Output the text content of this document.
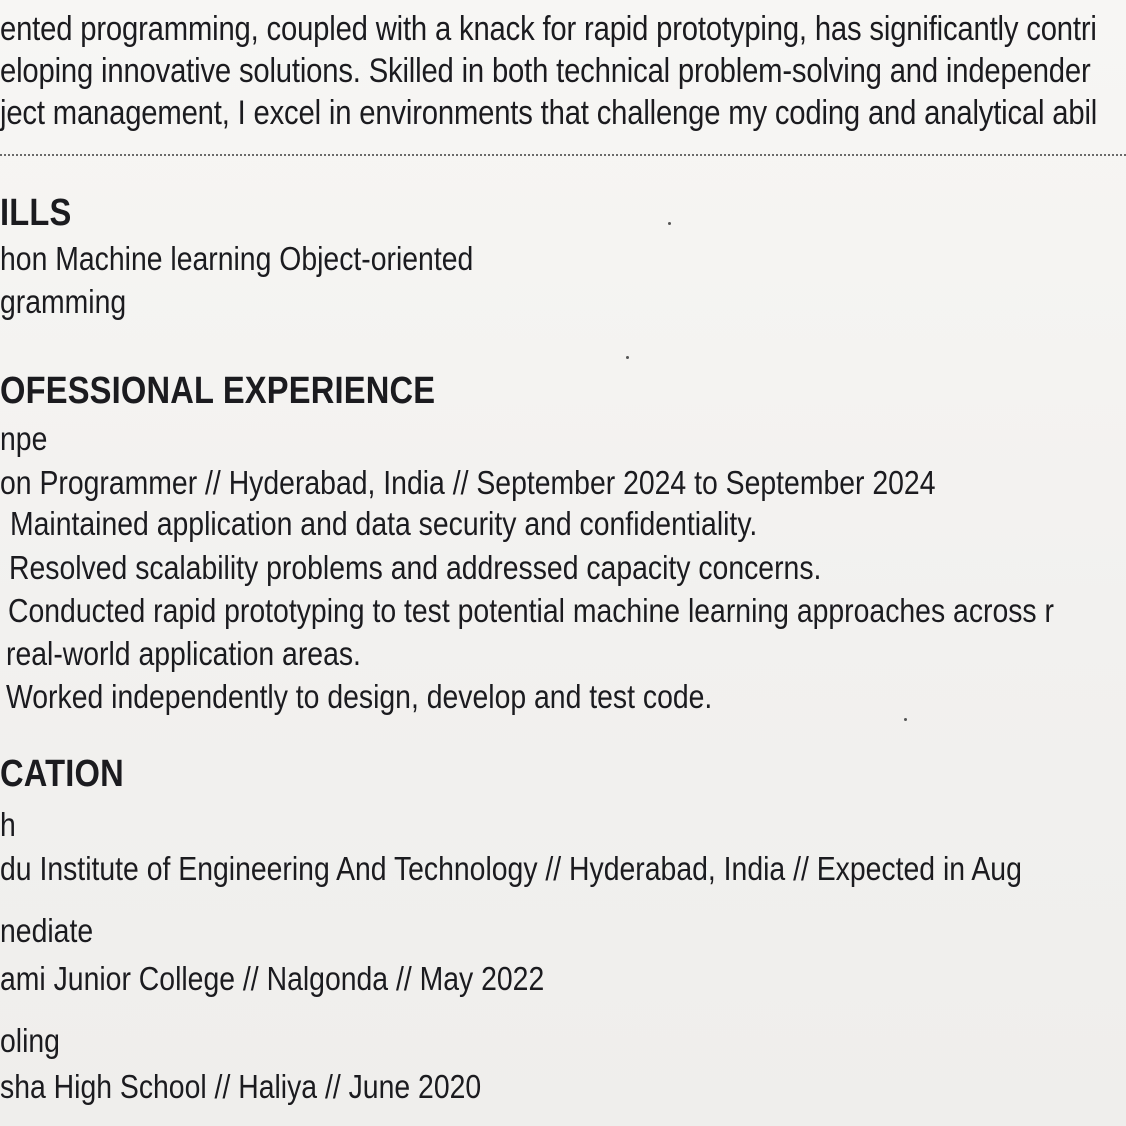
ented programming, coupled with a knack for rapid prototyping, has significantly contri

eloping innovative solutions. Skilled in both technical problem-solving and independer

ject management, I excel in environments that challenge my coding and analytical abil

ILLS

hon Machine learning Object-oriented

gramming

OFESSIONAL EXPERIENCE

npe

on Programmer // Hyderabad, India // September 2024 to September 2024

Maintained application and data security and confidentiality.

Resolved scalability problems and addressed capacity concerns.

Conducted rapid prototyping to test potential machine learning approaches across r

real-world application areas.

Worked independently to design, develop and test code.

CATION

h

du Institute of Engineering And Technology // Hyderabad, India // Expected in Aug

nediate

ami Junior College // Nalgonda // May 2022

oling

sha High School // Haliya // June 2020
